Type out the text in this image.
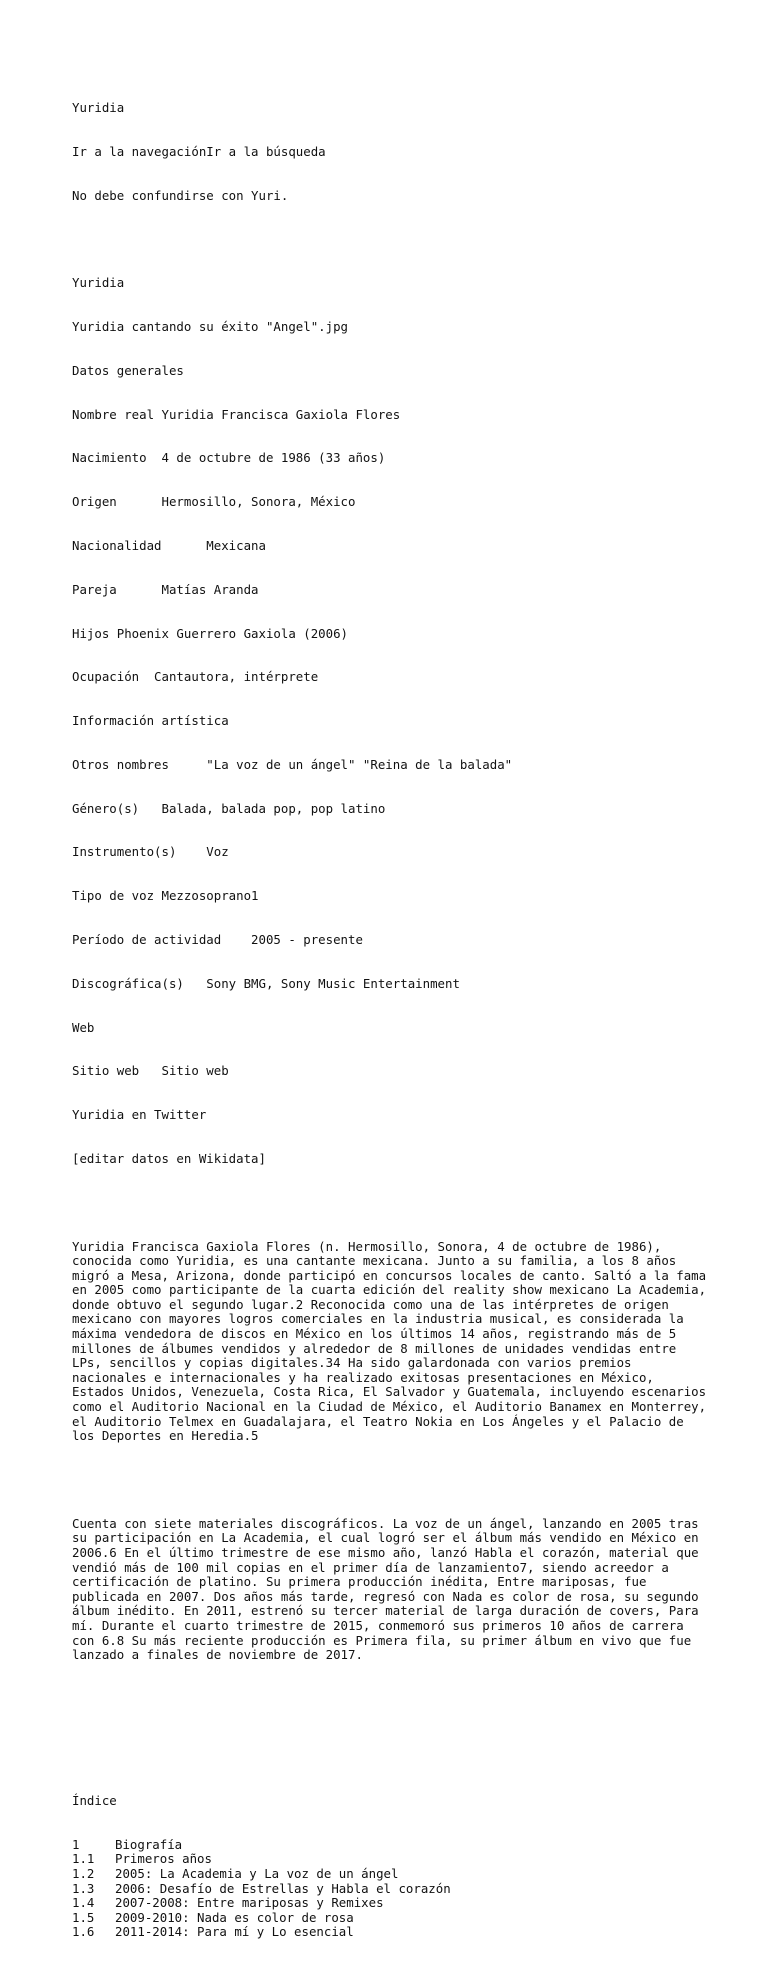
Yuridia

Ir a la navegaciónIr a la búsqueda

No debe confundirse con Yuri.

Yuridia

Yuridia cantando su éxito "Angel".jpg

Datos generales

Nombre real Yuridia Francisca Gaxiola Flores

Nacimiento  4 de octubre de 1986 (33 años)

Origen      Hermosillo, Sonora, México

Nacionalidad      Mexicana

Pareja      Matías Aranda

Hijos Phoenix Guerrero Gaxiola (2006)

Ocupación  Cantautora, intérprete

Información artística

Otros nombres     "La voz de un ángel" "Reina de la balada"

Género(s)   Balada, balada pop, pop latino

Instrumento(s)    Voz

Tipo de voz Mezzosoprano1

Período de actividad    2005 - presente

Discográfica(s)   Sony BMG, Sony Music Entertainment

Web

Sitio web   Sitio web

Yuridia en Twitter

[editar datos en Wikidata]

Yuridia Francisca Gaxiola Flores (n. Hermosillo, Sonora, 4 de octubre de 1986), conocida como Yuridia, es una cantante mexicana. Junto a su familia, a los 8 años migró a Mesa, Arizona, donde participó en concursos locales de canto. Saltó a la fama en 2005 como participante de la cuarta edición del reality show mexicano La Academia, donde obtuvo el segundo lugar.2 Reconocida como una de las intérpretes de origen mexicano con mayores logros comerciales en la industria musical, es considerada la máxima vendedora de discos en México en los últimos 14 años, registrando más de 5 millones de álbumes vendidos y alrededor de 8 millones de unidades vendidas entre LPs, sencillos y copias digitales.34 Ha sido galardonada con varios premios nacionales e internacionales y ha realizado exitosas presentaciones en México, Estados Unidos, Venezuela, Costa Rica, El Salvador y Guatemala, incluyendo escenarios como el Auditorio Nacional en la Ciudad de México, el Auditorio Banamex en Monterrey, el Auditorio Telmex en Guadalajara, el Teatro Nokia en Los Ángeles y el Palacio de los Deportes en Heredia.5

Cuenta con siete materiales discográficos. La voz de un ángel, lanzando en 2005 tras su participación en La Academia, el cual logró ser el álbum más vendido en México en 2006.6 En el último trimestre de ese mismo año, lanzó Habla el corazón, material que vendió más de 100 mil copias en el primer día de lanzamiento7, siendo acreedor a certificación de platino. Su primera producción inédita, Entre mariposas, fue publicada en 2007. Dos años más tarde, regresó con Nada es color de rosa, su segundo álbum inédito. En 2011, estrenó su tercer material de larga duración de covers, Para mí. Durante el cuarto trimestre de 2015, conmemoró sus primeros 10 años de carrera con 6.8 Su más reciente producción es Primera fila, su primer álbum en vivo que fue lanzado a finales de noviembre de 2017.

Índice

1	Biografía
1.1 Primeros años
1.2 2005: La Academia y La voz de un ángel
1.3 2006: Desafío de Estrellas y Habla el corazón
1.4 2007-2008: Entre mariposas y Remixes
1.5 2009-2010: Nada es color de rosa
1.6 2011-2014: Para mí y Lo esencial
